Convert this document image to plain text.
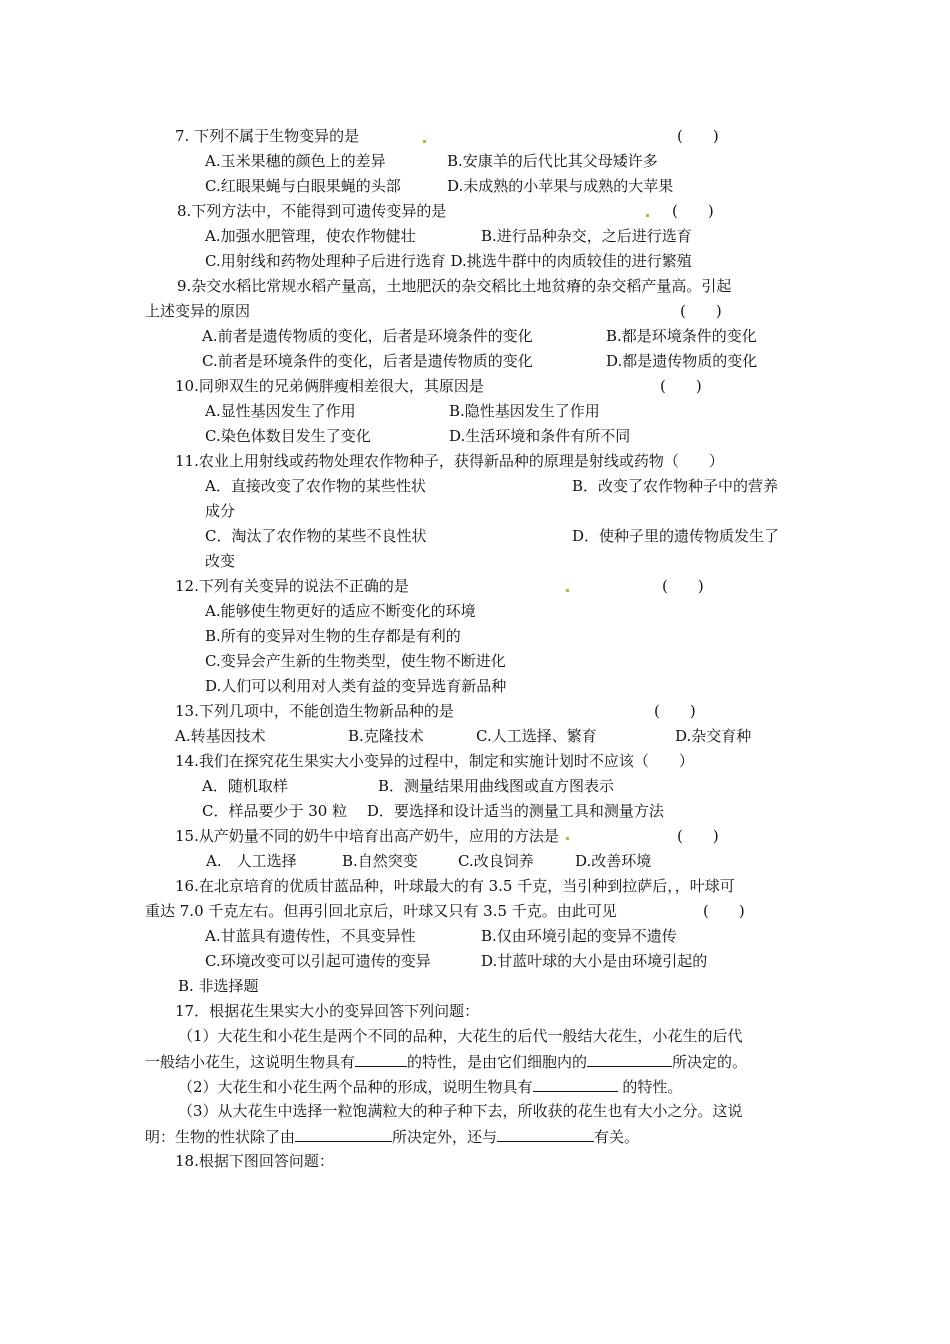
7. 下列不属于生物变异的是	(　　)
A.玉米果穗的颜色上的差异	B.安康羊的后代比其父母矮许多
C.红眼果蝇与白眼果蝇的头部	D.未成熟的小苹果与成熟的大苹果
8.下列方法中，不能得到可遗传变异的是	(　　)
A.加强水肥管理，使农作物健壮	B.进行品种杂交，之后进行选育
C.用射线和药物处理种子后进行选育 D.挑选牛群中的肉质较佳的进行繁殖
9.杂交水稻比常规水稻产量高，土地肥沃的杂交稻比土地贫瘠的杂交稻产量高。引起
上述变异的原因	(　　)
A.前者是遗传物质的变化，后者是环境条件的变化	B.都是环境条件的变化
C.前者是环境条件的变化，后者是遗传物质的变化	D.都是遗传物质的变化
10.同卵双生的兄弟俩胖瘦相差很大，其原因是	(　　)
A.显性基因发生了作用	B.隐性基因发生了作用
C.染色体数目发生了变化	D.生活环境和条件有所不同
11.农业上用射线或药物处理农作物种子，获得新品种的原理是射线或药物（　　）
A．直接改变了农作物的某些性状	B．改变了农作物种子中的营养
成分
C．淘汰了农作物的某些不良性状	D．使种子里的遗传物质发生了
改变
12.下列有关变异的说法不正确的是	(　　)
A.能够使生物更好的适应不断变化的环境
B.所有的变异对生物的生存都是有利的
C.变异会产生新的生物类型，使生物不断进化
D.人们可以利用对人类有益的变异选育新品种
13.下列几项中，不能创造生物新品种的是	(　　)
A.转基因技术	B.克隆技术	C.人工选择、繁育	D.杂交育种
14.我们在探究花生果实大小变异的过程中，制定和实施计划时不应该（　　）
A．随机取样	B．测量结果用曲线图或直方图表示
C．样品要少于 30 粒　 D．要选择和设计适当的测量工具和测量方法
15.从产奶量不同的奶牛中培育出高产奶牛，应用的方法是	(　　)
A.　人工选择	B.自然突变	C.改良饲养	D.改善环境
16.在北京培育的优质甘蓝品种，叶球最大的有 3.5 千克，当引种到拉萨后，，叶球可
重达 7.0 千克左右。但再引回北京后，叶球又只有 3.5 千克。由此可见	(　　)
A.甘蓝具有遗传性，不具变异性	B.仅由环境引起的变异不遗传
C.环境改变可以引起可遗传的变异	D.甘蓝叶球的大小是由环境引起的
B. 非选择题
17．根据花生果实大小的变异回答下列问题：
（1）大花生和小花生是两个不同的品种，大花生的后代一般结大花生，小花生的后代
一般结小花生，这说明生物具有	的特性，是由它们细胞内的	所决定的。
（2）大花生和小花生两个品种的形成，说明生物具有	的特性。
（3）从大花生中选择一粒饱满粒大的种子种下去，所收获的花生也有大小之分。这说
明：生物的性状除了由	所决定外，还与	有关。
18.根据下图回答问题：
